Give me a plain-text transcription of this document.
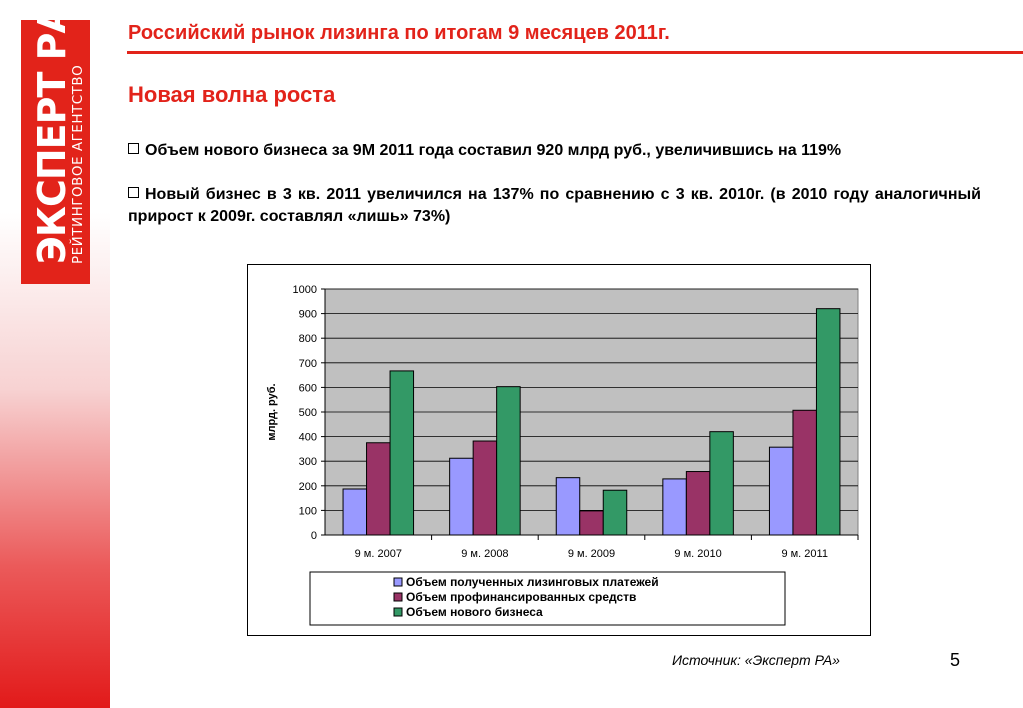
ЭКСПЕРТ РА
РЕЙТИНГОВОЕ АГЕНТСТВО
Российский рынок лизинга по итогам 9 месяцев 2011г.
Новая волна роста
Объем нового бизнеса за 9М 2011 года составил 920 млрд руб., увеличившись на 119%
Новый бизнес в 3 кв. 2011 увеличился на 137% по сравнению с 3 кв. 2010г. (в 2010 году аналогичный прирост к 2009г. составлял «лишь» 73%)
0
100
200
300
400
500
600
700
800
900
1000
млрд. руб.
9 м. 2007	9 м. 2008	9 м. 2009	9 м. 2010	9 м. 2011
Объем полученных лизинговых платежей
Объем профинансированных средств
Объем нового бизнеса
Источник: «Эксперт РА»	5
